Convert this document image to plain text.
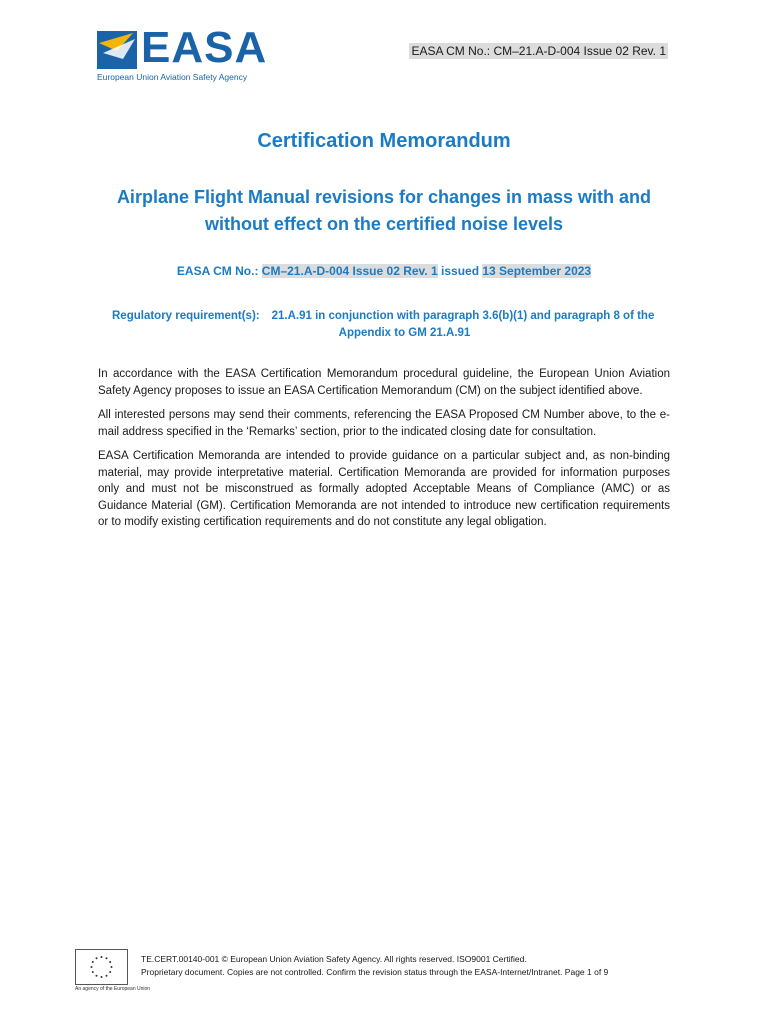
EASA
European Union Aviation Safety Agency
EASA CM No.: CM–21.A-D-004 Issue 02 Rev. 1
Certification Memorandum
Airplane Flight Manual revisions for changes in mass with and
without effect on the certified noise levels
EASA CM No.: CM–21.A-D-004 Issue 02 Rev. 1 issued 13 September 2023
Regulatory requirement(s): 21.A.91 in conjunction with paragraph 3.6(b)(1) and paragraph 8 of the
Appendix to GM 21.A.91

In accordance with the EASA Certification Memorandum procedural guideline, the European Union Aviation Safety Agency proposes to issue an EASA Certification Memorandum (CM) on the subject identified above.

All interested persons may send their comments, referencing the EASA Proposed CM Number above, to the e-mail address specified in the ‘Remarks’ section, prior to the indicated closing date for consultation.

EASA Certification Memoranda are intended to provide guidance on a particular subject and, as non-binding material, may provide interpretative material. Certification Memoranda are provided for information purposes only and must not be misconstrued as formally adopted Acceptable Means of Compliance (AMC) or as Guidance Material (GM). Certification Memoranda are not intended to introduce new certification requirements or to modify existing certification requirements and do not constitute any legal obligation.

An agency of the European Union
TE.CERT.00140-001 © European Union Aviation Safety Agency. All rights reserved. ISO9001 Certified.
Proprietary document. Copies are not controlled. Confirm the revision status through the EASA-Internet/Intranet. Page 1 of 9
